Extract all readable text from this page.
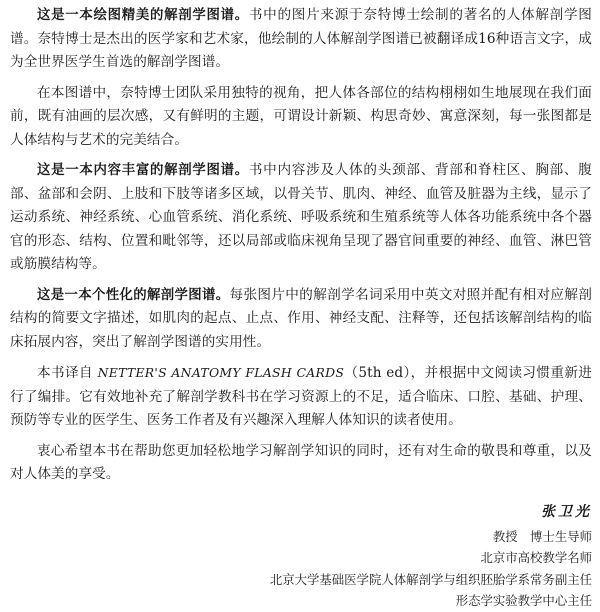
这是一本绘图精美的解剖学图谱。书中的图片来源于奈特博士绘制的著名的人体解剖学图谱。奈特博士是杰出的医学家和艺术家，他绘制的人体解剖学图谱已被翻译成16种语言文字，成为全世界医学生首选的解剖学图谱。

在本图谱中，奈特博士团队采用独特的视角，把人体各部位的结构栩栩如生地展现在我们面前，既有油画的层次感，又有鲜明的主题，可谓设计新颖、构思奇妙、寓意深刻，每一张图都是人体结构与艺术的完美结合。

这是一本内容丰富的解剖学图谱。书中内容涉及人体的头颈部、背部和脊柱区、胸部、腹部、盆部和会阴、上肢和下肢等诸多区域，以骨关节、肌肉、神经、血管及脏器为主线，显示了运动系统、神经系统、心血管系统、消化系统、呼吸系统和生殖系统等人体各功能系统中各个器官的形态、结构、位置和毗邻等，还以局部或临床视角呈现了器官间重要的神经、血管、淋巴管或筋膜结构等。

这是一本个性化的解剖学图谱。每张图片中的解剖学名词采用中英文对照并配有相对应解剖结构的简要文字描述，如肌肉的起点、止点、作用、神经支配、注释等，还包括该解剖结构的临床拓展内容，突出了解剖学图谱的实用性。

本书译自 NETTER'S ANATOMY FLASH CARDS（5th ed），并根据中文阅读习惯重新进行了编排。它有效地补充了解剖学教科书在学习资源上的不足，适合临床、口腔、基础、护理、预防等专业的医学生、医务工作者及有兴趣深入理解人体知识的读者使用。

衷心希望本书在帮助您更加轻松地学习解剖学知识的同时，还有对生命的敬畏和尊重，以及对人体美的享受。

张卫光
教授　博士生导师
北京市高校教学名师
北京大学基础医学院人体解剖学与组织胚胎学系常务副主任
形态学实验教学中心主任
